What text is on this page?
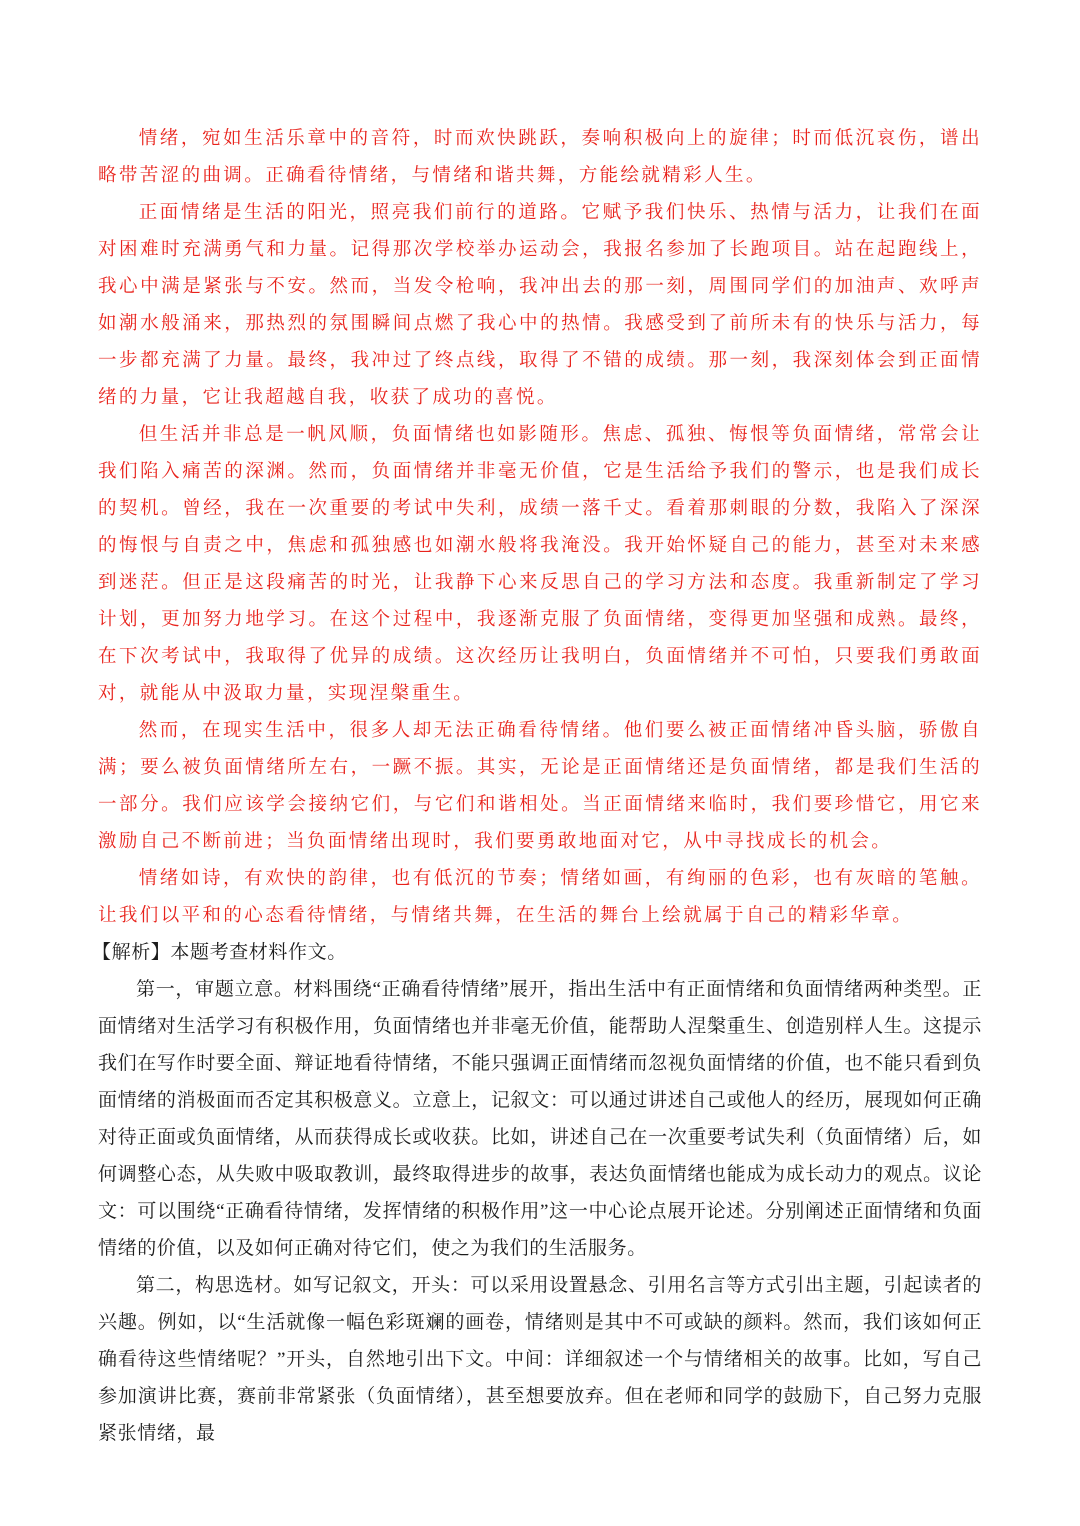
情绪，宛如生活乐章中的音符，时而欢快跳跃，奏响积极向上的旋律；时而低沉哀伤，谱出略带苦涩的曲调。正确看待情绪，与情绪和谐共舞，方能绘就精彩人生。

正面情绪是生活的阳光，照亮我们前行的道路。它赋予我们快乐、热情与活力，让我们在面对困难时充满勇气和力量。记得那次学校举办运动会，我报名参加了长跑项目。站在起跑线上，我心中满是紧张与不安。然而，当发令枪响，我冲出去的那一刻，周围同学们的加油声、欢呼声如潮水般涌来，那热烈的氛围瞬间点燃了我心中的热情。我感受到了前所未有的快乐与活力，每一步都充满了力量。最终，我冲过了终点线，取得了不错的成绩。那一刻，我深刻体会到正面情绪的力量，它让我超越自我，收获了成功的喜悦。

但生活并非总是一帆风顺，负面情绪也如影随形。焦虑、孤独、悔恨等负面情绪，常常会让我们陷入痛苦的深渊。然而，负面情绪并非毫无价值，它是生活给予我们的警示，也是我们成长的契机。曾经，我在一次重要的考试中失利，成绩一落千丈。看着那刺眼的分数，我陷入了深深的悔恨与自责之中，焦虑和孤独感也如潮水般将我淹没。我开始怀疑自己的能力，甚至对未来感到迷茫。但正是这段痛苦的时光，让我静下心来反思自己的学习方法和态度。我重新制定了学习计划，更加努力地学习。在这个过程中，我逐渐克服了负面情绪，变得更加坚强和成熟。最终，在下次考试中，我取得了优异的成绩。这次经历让我明白，负面情绪并不可怕，只要我们勇敢面对，就能从中汲取力量，实现涅槃重生。

然而，在现实生活中，很多人却无法正确看待情绪。他们要么被正面情绪冲昏头脑，骄傲自满；要么被负面情绪所左右，一蹶不振。其实，无论是正面情绪还是负面情绪，都是我们生活的一部分。我们应该学会接纳它们，与它们和谐相处。当正面情绪来临时，我们要珍惜它，用它来激励自己不断前进；当负面情绪出现时，我们要勇敢地面对它，从中寻找成长的机会。

情绪如诗，有欢快的韵律，也有低沉的节奏；情绪如画，有绚丽的色彩，也有灰暗的笔触。让我们以平和的心态看待情绪，与情绪共舞，在生活的舞台上绘就属于自己的精彩华章。

【解析】本题考查材料作文。

第一，审题立意。材料围绕“正确看待情绪”展开，指出生活中有正面情绪和负面情绪两种类型。正面情绪对生活学习有积极作用，负面情绪也并非毫无价值，能帮助人涅槃重生、创造别样人生。这提示我们在写作时要全面、辩证地看待情绪，不能只强调正面情绪而忽视负面情绪的价值，也不能只看到负面情绪的消极面而否定其积极意义。立意上，记叙文：可以通过讲述自己或他人的经历，展现如何正确对待正面或负面情绪，从而获得成长或收获。比如，讲述自己在一次重要考试失利（负面情绪）后，如何调整心态，从失败中吸取教训，最终取得进步的故事，表达负面情绪也能成为成长动力的观点。议论文：可以围绕“正确看待情绪，发挥情绪的积极作用”这一中心论点展开论述。分别阐述正面情绪和负面情绪的价值，以及如何正确对待它们，使之为我们的生活服务。

第二，构思选材。如写记叙文，开头：可以采用设置悬念、引用名言等方式引出主题，引起读者的兴趣。例如，以“生活就像一幅色彩斑斓的画卷，情绪则是其中不可或缺的颜料。然而，我们该如何正确看待这些情绪呢？”开头，自然地引出下文。中间：详细叙述一个与情绪相关的故事。比如，写自己参加演讲比赛，赛前非常紧张（负面情绪），甚至想要放弃。但在老师和同学的鼓励下，自己努力克服紧张情绪，最
